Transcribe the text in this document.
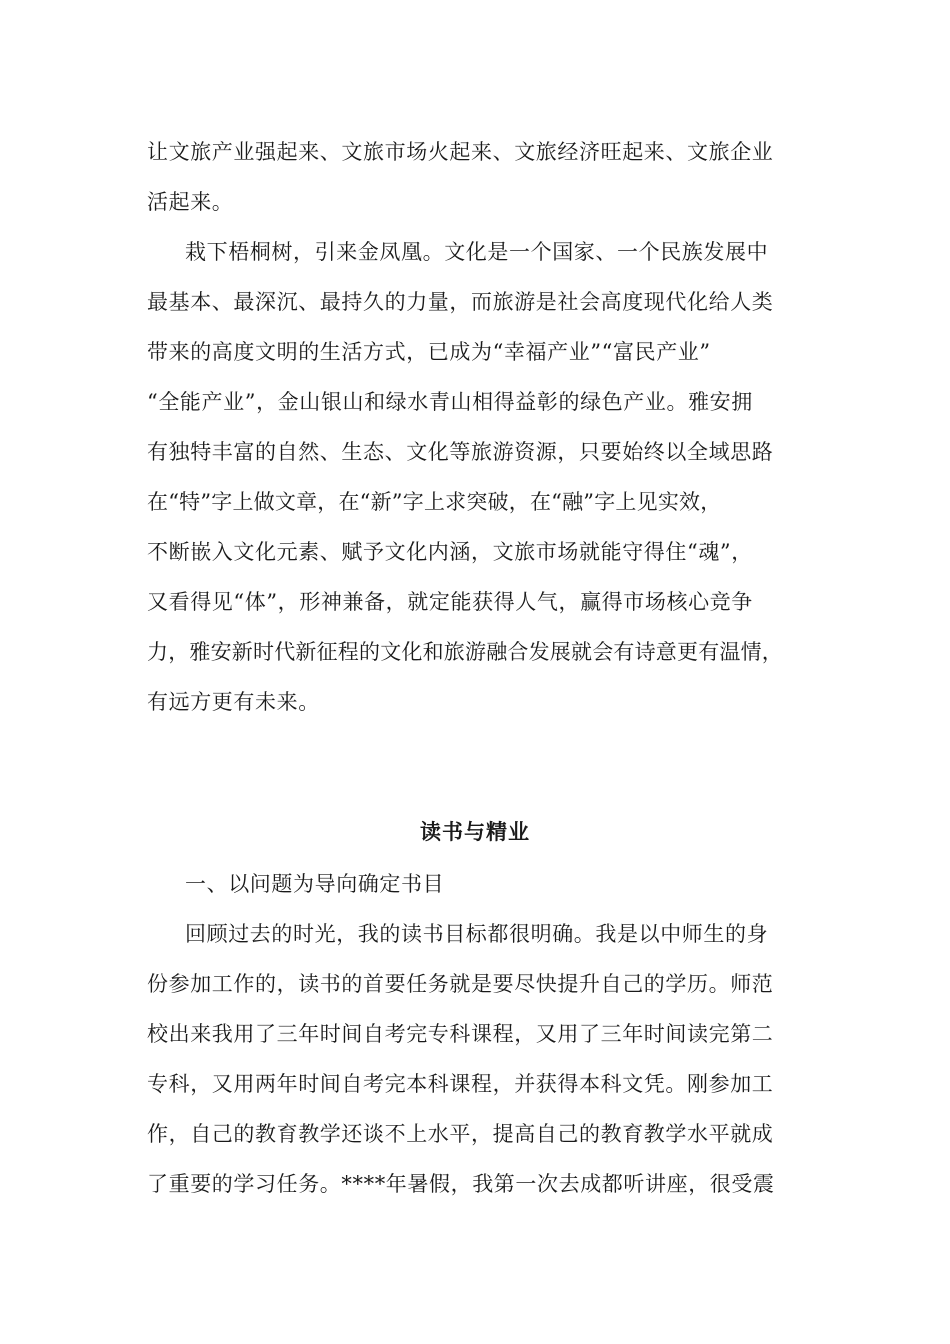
让文旅产业强起来、文旅市场火起来、文旅经济旺起来、文旅企业
活起来。
栽下梧桐树，引来金凤凰。文化是一个国家、一个民族发展中
最基本、最深沉、最持久的力量，而旅游是社会高度现代化给人类
带来的高度文明的生活方式，已成为“幸福产业”“富民产业”
“全能产业”，金山银山和绿水青山相得益彰的绿色产业。雅安拥
有独特丰富的自然、生态、文化等旅游资源，只要始终以全域思路
在“特”字上做文章，在“新”字上求突破，在“融”字上见实效，
不断嵌入文化元素、赋予文化内涵，文旅市场就能守得住“魂”，
又看得见“体”，形神兼备，就定能获得人气，赢得市场核心竞争
力，雅安新时代新征程的文化和旅游融合发展就会有诗意更有温情，
有远方更有未来。
读书与精业
一、以问题为导向确定书目
回顾过去的时光，我的读书目标都很明确。我是以中师生的身
份参加工作的，读书的首要任务就是要尽快提升自己的学历。师范
校出来我用了三年时间自考完专科课程，又用了三年时间读完第二
专科，又用两年时间自考完本科课程，并获得本科文凭。刚参加工
作，自己的教育教学还谈不上水平，提高自己的教育教学水平就成
了重要的学习任务。****年暑假，我第一次去成都听讲座，很受震
